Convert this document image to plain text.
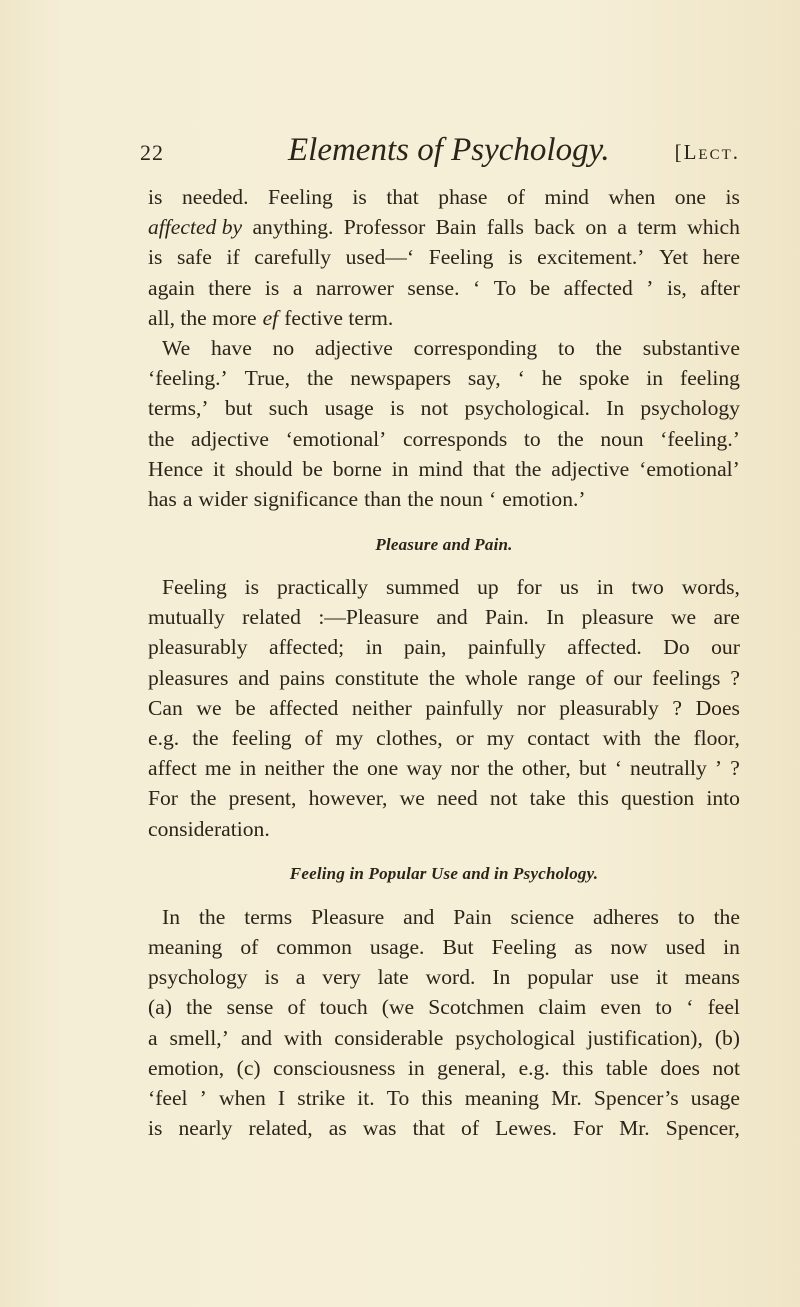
22	Elements of Psychology.	[Lect.
is needed. Feeling is that phase of mind when one is
affected by anything. Professor Bain falls back on a term which
is safe if carefully used—‘ Feeling is excitement.’ Yet here
again there is a narrower sense. ‘ To be affected ’ is, after
all, the more ef fective term.
We have no adjective corresponding to the substantive
‘feeling.’ True, the newspapers say, ‘ he spoke in feeling
terms,’ but such usage is not psychological. In psychology
the adjective ‘emotional’ corresponds to the noun ‘feeling.’
Hence it should be borne in mind that the adjective ‘emotional’
has a wider significance than the noun ‘ emotion.’
Pleasure and Pain.
Feeling is practically summed up for us in two words,
mutually related :—Pleasure and Pain. In pleasure we are
pleasurably affected; in pain, painfully affected. Do our
pleasures and pains constitute the whole range of our feelings ?
Can we be affected neither painfully nor pleasurably ? Does
e.g. the feeling of my clothes, or my contact with the floor,
affect me in neither the one way nor the other, but ‘ neutrally ’ ?
For the present, however, we need not take this question into
consideration.
Feeling in Popular Use and in Psychology.
In the terms Pleasure and Pain science adheres to the
meaning of common usage. But Feeling as now used in
psychology is a very late word. In popular use it means
(a) the sense of touch (we Scotchmen claim even to ‘ feel
a smell,’ and with considerable psychological justification), (b)
emotion, (c) consciousness in general, e.g. this table does not
‘feel ’ when I strike it. To this meaning Mr. Spencer’s usage
is nearly related, as was that of Lewes. For Mr. Spencer,
